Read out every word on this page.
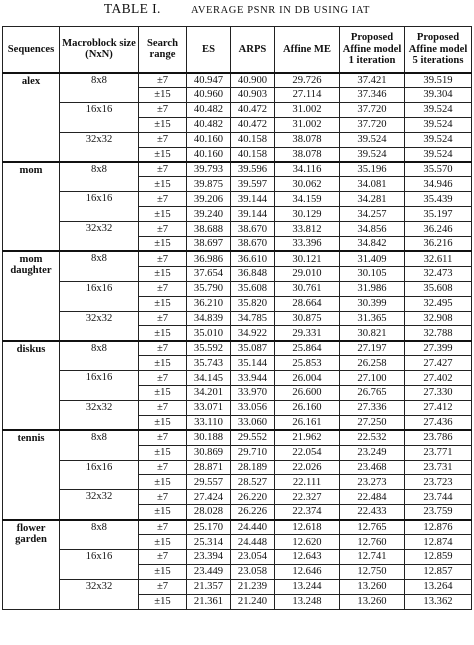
TABLE I.	AVERAGE PSNR IN DB USING IAT
Sequences	Macroblock size (NxN)	Search range	ES	ARPS	Affine ME	Proposed Affine model 1 iteration	Proposed Affine model 5 iterations

alex	8x8	±7	40.947	40.900	29.726	37.421	39.519
		±15	40.960	40.903	27.114	37.346	39.304
	16x16	±7	40.482	40.472	31.002	37.720	39.524
		±15	40.482	40.472	31.002	37.720	39.524
	32x32	±7	40.160	40.158	38.078	39.524	39.524
		±15	40.160	40.158	38.078	39.524	39.524

mom	8x8	±7	39.793	39.596	34.116	35.196	35.570
		±15	39.875	39.597	30.062	34.081	34.946
	16x16	±7	39.206	39.144	34.159	34.281	35.439
		±15	39.240	39.144	30.129	34.257	35.197
	32x32	±7	38.688	38.670	33.812	34.856	36.246
		±15	38.697	38.670	33.396	34.842	36.216

mom
daughter	8x8	±7	36.986	36.610	30.121	31.409	32.611
		±15	37.654	36.848	29.010	30.105	32.473
	16x16	±7	35.790	35.608	30.761	31.986	35.608
		±15	36.210	35.820	28.664	30.399	32.495
	32x32	±7	34.839	34.785	30.875	31.365	32.908
		±15	35.010	34.922	29.331	30.821	32.788

diskus	8x8	±7	35.592	35.087	25.864	27.197	27.399
		±15	35.743	35.144	25.853	26.258	27.427
	16x16	±7	34.145	33.944	26.004	27.100	27.402
		±15	34.201	33.970	26.600	26.765	27.330
	32x32	±7	33.071	33.056	26.160	27.336	27.412
		±15	33.110	33.060	26.161	27.250	27.436

tennis	8x8	±7	30.188	29.552	21.962	22.532	23.786
		±15	30.869	29.710	22.054	23.249	23.771
	16x16	±7	28.871	28.189	22.026	23.468	23.731
		±15	29.557	28.527	22.111	23.273	23.723
	32x32	±7	27.424	26.220	22.327	22.484	23.744
		±15	28.028	26.226	22.374	22.433	23.759

flower
garden	8x8	±7	25.170	24.440	12.618	12.765	12.876
		±15	25.314	24.448	12.620	12.760	12.874
	16x16	±7	23.394	23.054	12.643	12.741	12.859
		±15	23.449	23.058	12.646	12.750	12.857
	32x32	±7	21.357	21.239	13.244	13.260	13.264
		±15	21.361	21.240	13.248	13.260	13.362
